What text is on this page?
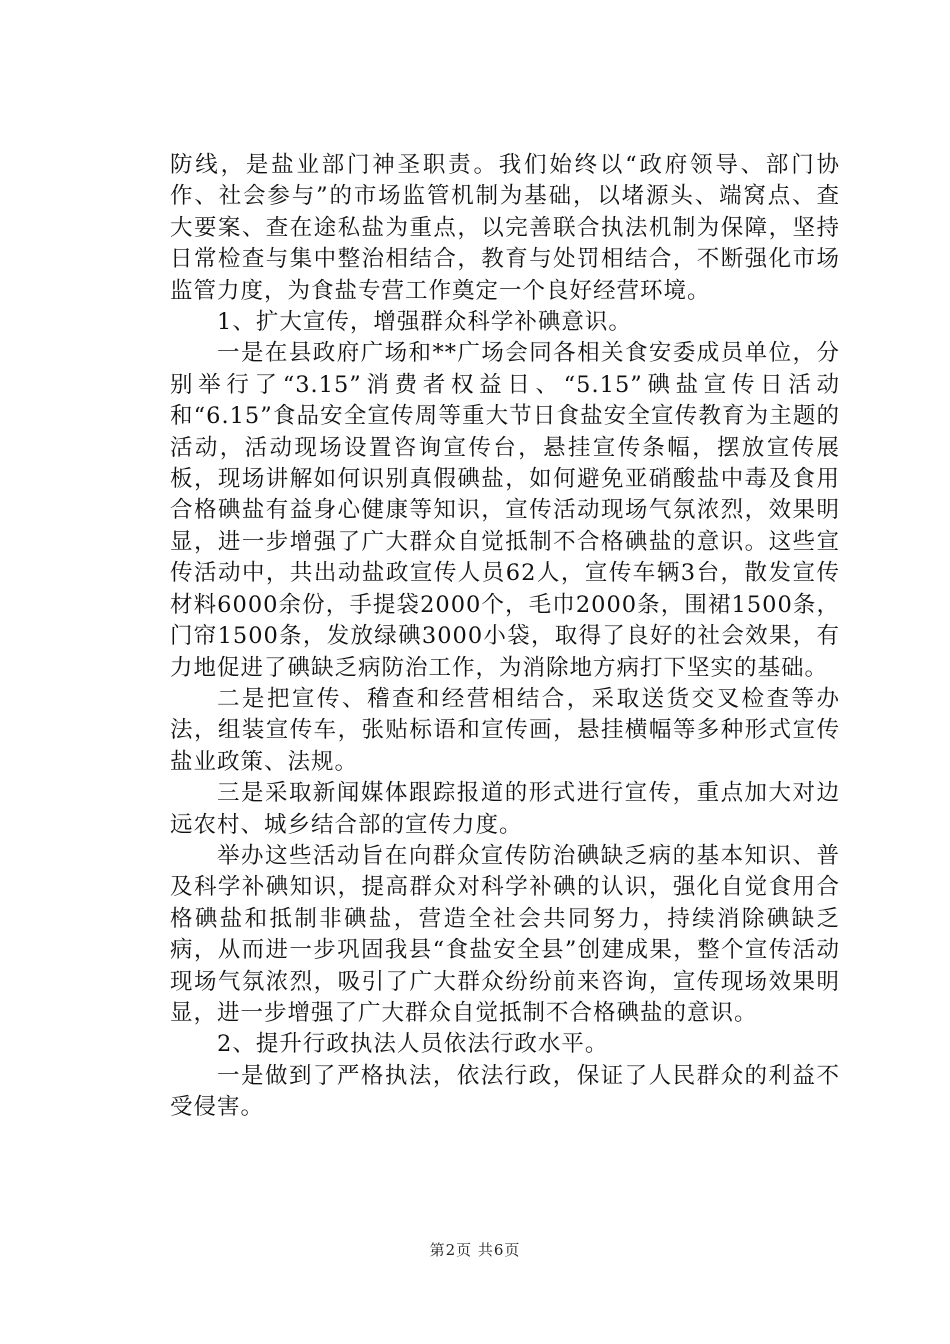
防线，是盐业部门神圣职责。我们始终以“政府领导、部门协作、社会参与”的市场监管机制为基础，以堵源头、端窝点、查大要案、查在途私盐为重点，以完善联合执法机制为保障，坚持日常检查与集中整治相结合，教育与处罚相结合，不断强化市场监管力度，为食盐专营工作奠定一个良好经营环境。

1、扩大宣传，增强群众科学补碘意识。

一是在县政府广场和**广场会同各相关食安委成员单位，分别举行了“3.15”消费者权益日、“5.15”碘盐宣传日活动和“6.15”食品安全宣传周等重大节日食盐安全宣传教育为主题的活动，活动现场设置咨询宣传台，悬挂宣传条幅，摆放宣传展板，现场讲解如何识别真假碘盐，如何避免亚硝酸盐中毒及食用合格碘盐有益身心健康等知识，宣传活动现场气氛浓烈，效果明显，进一步增强了广大群众自觉抵制不合格碘盐的意识。这些宣传活动中，共出动盐政宣传人员62人，宣传车辆3台，散发宣传材料6000余份，手提袋2000个，毛巾2000条，围裙1500条，门帘1500条，发放绿碘3000小袋，取得了良好的社会效果，有力地促进了碘缺乏病防治工作，为消除地方病打下坚实的基础。

二是把宣传、稽查和经营相结合，采取送货交叉检查等办法，组装宣传车，张贴标语和宣传画，悬挂横幅等多种形式宣传盐业政策、法规。

三是采取新闻媒体跟踪报道的形式进行宣传，重点加大对边远农村、城乡结合部的宣传力度。

举办这些活动旨在向群众宣传防治碘缺乏病的基本知识、普及科学补碘知识，提高群众对科学补碘的认识，强化自觉食用合格碘盐和抵制非碘盐，营造全社会共同努力，持续消除碘缺乏病，从而进一步巩固我县“食盐安全县”创建成果，整个宣传活动现场气氛浓烈，吸引了广大群众纷纷前来咨询，宣传现场效果明显，进一步增强了广大群众自觉抵制不合格碘盐的意识。

2、提升行政执法人员依法行政水平。

一是做到了严格执法，依法行政，保证了人民群众的利益不受侵害。

第2页 共6页
